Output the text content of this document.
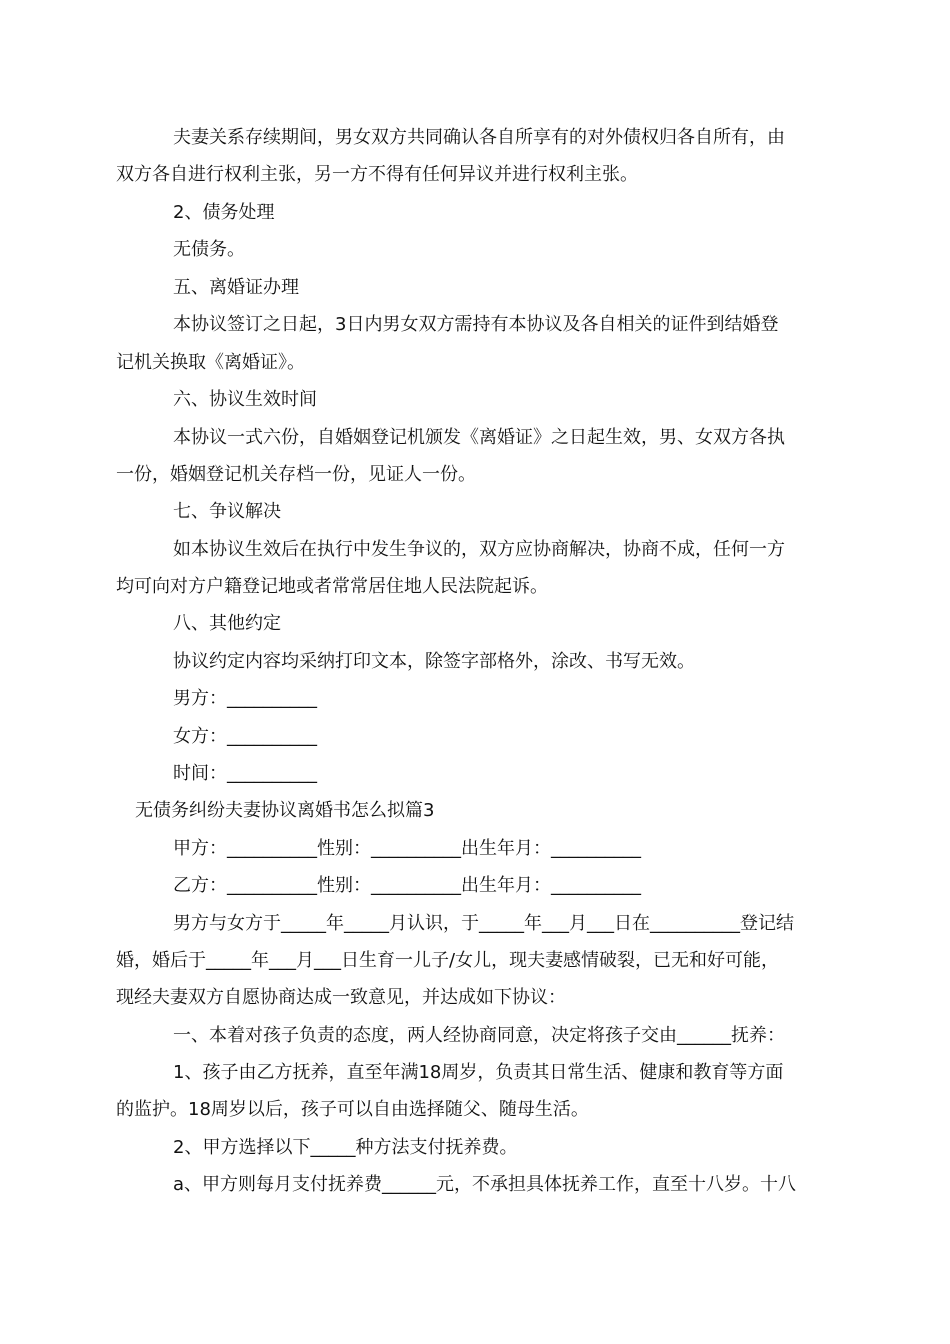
夫妻关系存续期间，男女双方共同确认各自所享有的对外债权归各自所有，由
双方各自进行权利主张，另一方不得有任何异议并进行权利主张。
2、债务处理
无债务。
五、离婚证办理
本协议签订之日起，3日内男女双方需持有本协议及各自相关的证件到结婚登
记机关换取《离婚证》。
六、协议生效时间
本协议一式六份，自婚姻登记机颁发《离婚证》之日起生效，男、女双方各执
一份，婚姻登记机关存档一份，见证人一份。
七、争议解决
如本协议生效后在执行中发生争议的，双方应协商解决，协商不成，任何一方
均可向对方户籍登记地或者常常居住地人民法院起诉。
八、其他约定
协议约定内容均采纳打印文本，除签字部格外，涂改、书写无效。
男方：__________
女方：__________
时间：__________
无债务纠纷夫妻协议离婚书怎么拟篇3
甲方：__________性别：__________出生年月：__________
乙方：__________性别：__________出生年月：__________
男方与女方于_____年_____月认识，于_____年___月___日在__________登记结
婚，婚后于_____年___月___日生育一儿子/女儿，现夫妻感情破裂，已无和好可能，
现经夫妻双方自愿协商达成一致意见，并达成如下协议：
一、本着对孩子负责的态度，两人经协商同意，决定将孩子交由______抚养：
1、孩子由乙方抚养，直至年满18周岁，负责其日常生活、健康和教育等方面
的监护。18周岁以后，孩子可以自由选择随父、随母生活。
2、甲方选择以下_____种方法支付抚养费。
a、甲方则每月支付抚养费______元，不承担具体抚养工作，直至十八岁。十八
